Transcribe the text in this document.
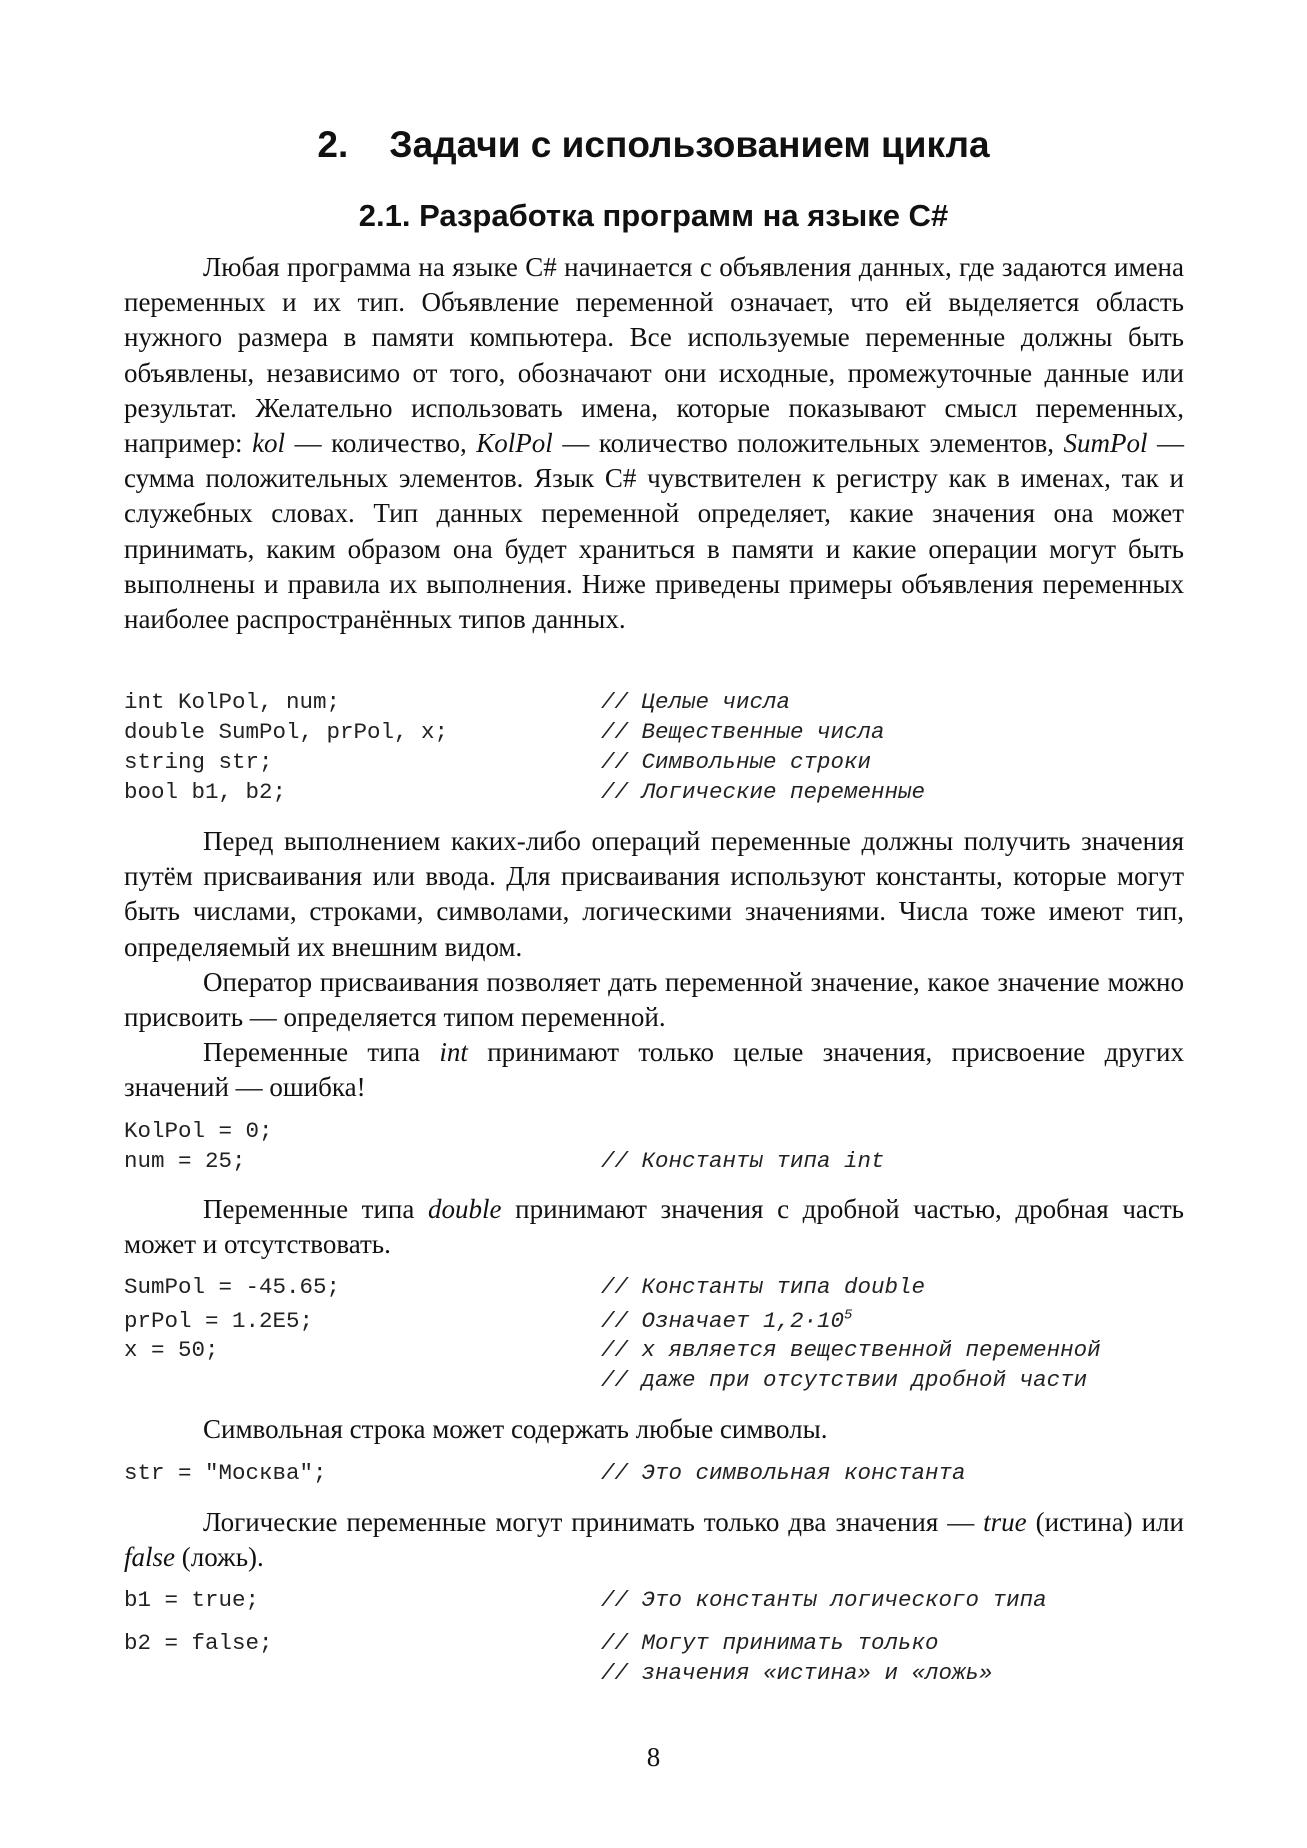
2. Задачи с использованием цикла
2.1. Разработка программ на языке C#

Любая программа на языке C# начинается с объявления данных, где задаются имена переменных и их тип. Объявление переменной означает, что ей выделяется область нужного размера в памяти компьютера. Все используемые переменные должны быть объявлены, независимо от того, обозначают они исходные, промежуточные данные или результат. Желательно использовать имена, которые показывают смысл переменных, например: kol — количество, KolPol — количество положительных элементов, SumPol — сумма положительных элементов. Язык C# чувствителен к регистру как в именах, так и служебных словах. Тип данных переменной определяет, какие значения она может принимать, каким образом она будет храниться в памяти и какие операции могут быть выполнены и правила их выполнения. Ниже приведены примеры объявления переменных наиболее распространённых типов данных.

int KolPol, num;	// Целые числа
double SumPol, prPol, x;	// Вещественные числа
string str;	// Символьные строки
bool b1, b2;	// Логические переменные

Перед выполнением каких-либо операций переменные должны получить значения путём присваивания или ввода. Для присваивания используют константы, которые могут быть числами, строками, символами, логическими значениями. Числа тоже имеют тип, определяемый их внешним видом.

Оператор присваивания позволяет дать переменной значение, какое значение можно присвоить — определяется типом переменной.

Переменные типа int принимают только целые значения, присвоение других значений — ошибка!

KolPol = 0;
num = 25;	// Константы типа int

Переменные типа double принимают значения с дробной частью, дробная часть может и отсутствовать.

SumPol = -45.65;	// Константы типа double
prPol = 1.2E5;	// Означает $1,2\cdot 10^5$
x = 50;	// x является вещественной переменной
// даже при отсутствии дробной части

Символьная строка может содержать любые символы.

str = "Москва";	// Это символьная константа

Логические переменные могут принимать только два значения — true (истина) или false (ложь).

b1 = true;	// Это константы логического типа
b2 = false;	// Могут принимать только
// значения «истина» и «ложь»
8
